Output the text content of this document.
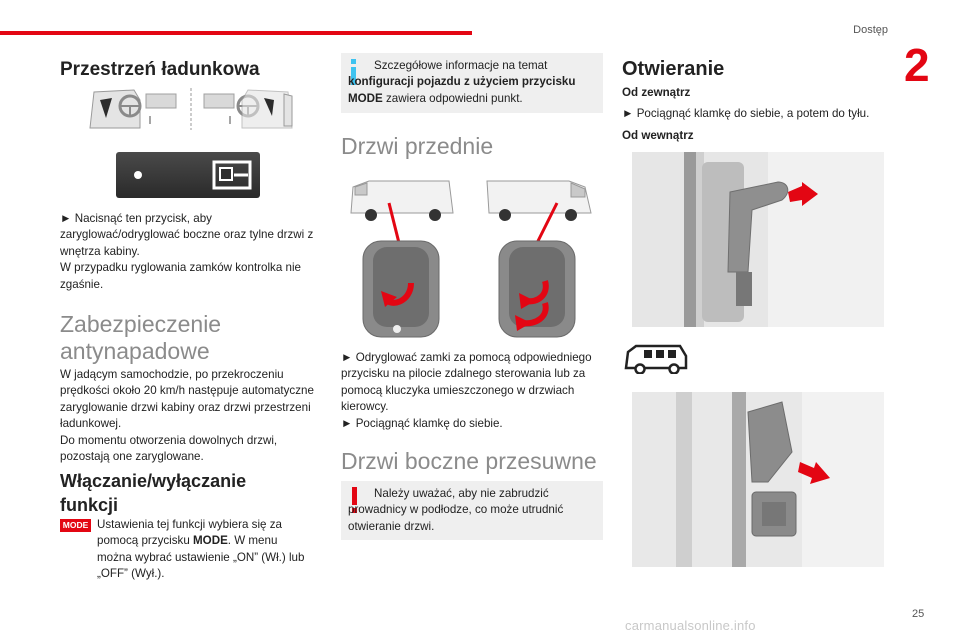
Dostęp
2
Przestrzeń ładunkowa

► Nacisnąć ten przycisk, aby zaryglować/odryglować boczne oraz tylne drzwi z wnętrza kabiny.

W przypadku ryglowania zamków kontrolka nie zgaśnie.

Zabezpieczenie
antynapadowe

W jadącym samochodzie, po przekroczeniu prędkości około 20 km/h następuje automatyczne zaryglowanie drzwi kabiny oraz drzwi przestrzeni ładunkowej.

Do momentu otworzenia dowolnych drzwi, pozostają one zaryglowane.

Włączanie/wyłączanie
funkcji
MODE Ustawienia tej funkcji wybiera się za pomocą przycisku MODE. W menu można wybrać ustawienie „ON” (Wł.) lub „OFF” (Wył.).
Szczegółowe informacje na temat konfiguracji pojazdu z użyciem przycisku MODE zawiera odpowiedni punkt.
Drzwi przednie

► Odryglować zamki za pomocą odpowiedniego przycisku na pilocie zdalnego sterowania lub za pomocą kluczyka umieszczonego w drzwiach kierowcy.

► Pociągnąć klamkę do siebie.

Drzwi boczne przesuwne
Należy uważać, aby nie zabrudzić prowadnicy w podłodze, co może utrudnić otwieranie drzwi.
Otwieranie
Od zewnątrz
► Pociągnąć klamkę do siebie, a potem do tyłu.
Od wewnątrz
25
carmanualsonline.info
